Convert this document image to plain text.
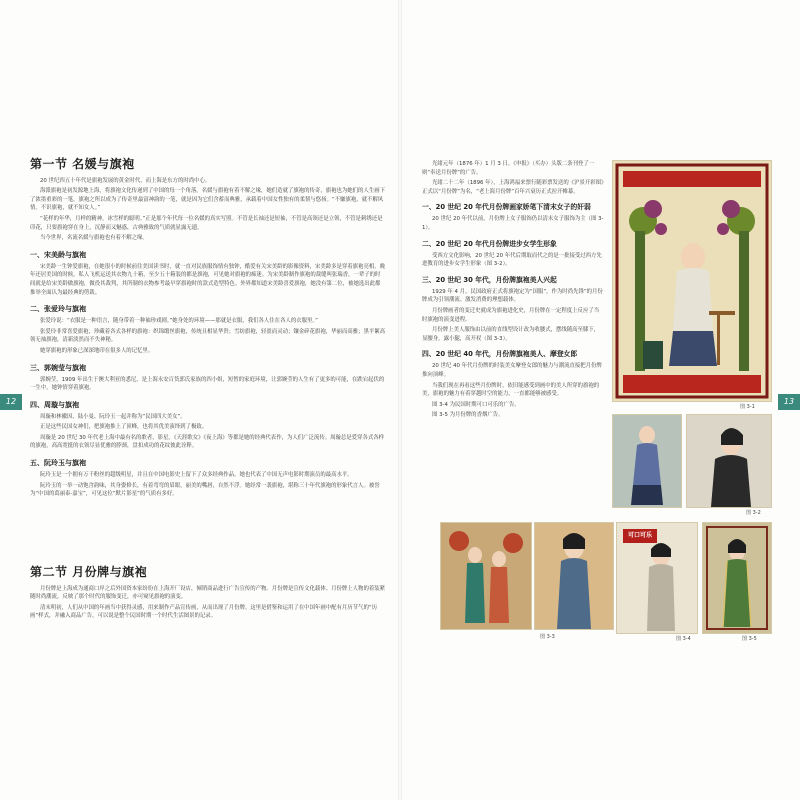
12	13
第一节 名媛与旗袍

20 世纪四五十年代是旗袍发展的黄金时代，而上海是东方的时尚中心。

海派旗袍是初发源地上海，将旗袍文化传递到了中国的每一个角落。名媛与旗袍有着不解之缘，她们造就了旗袍的传奇，旗袍也为她们的人生画下了浓墨重彩的一笔。旗袍之所以成为了传奇里最富神韵的一笔，就是因为它们含蓄而典雅，承载着中国女性独有的柔韧与悠扬。“不嫌旗袍，就不解风情。不识旗袍，就不知女人。”

“花样的年华，月样的精神，冰雪样的聪明。”正是那个年代每一位名媛的真实写照。不管是长袖还是短袖，不管是高领还是立领，不管是刺绣还是印花，只要旗袍穿在身上，沉静而又魅惑，古典雅致的气质就显露无遗。

当今世界，名流名媛与旗袍也有着不解之缘。

一、宋美龄与旗袍

宋美龄一生钟爱旗袍，在她很小的时候前往美国读书时，就一直对民族服饰情有独钟，酷爱有关宋美龄的影像资料，宋美龄多是穿着旗袍亮相。晚年还居美国的时候，私人飞机运送其衣物九十箱，至少五十箱装的都是旗袍，可见她对旗袍的痴迷。为宋美龄制作旗袍的裁缝叫张瑞香，一辈子的时间就是给宋美龄做旗袍，做役其裁判，其所制的衣物参考最早穿旗袍时的款式造型特色。外界都知道宋美龄喜爱旗袍，她没有第二位，被她选出此都推举全面认为最经典的剪裁。

二、张爱玲与旗袍

张爱玲说：“衣服是一种语言，随身带着一种袖珍戏剧。”她身处的环境——那就是衣服，我们各人住在各人的衣服里。”

张爱玲非常喜爱旗袍，珍藏着各式各样的旗袍：织锦缎丝旗袍，传统且相显华贵；雪纺旗袍，轻盈而灵动；镶金碎花旗袍，华丽而高雅；黑平絮高领无袖旗袍，清新淡然而不失神秘。

她穿旗袍的形象已深深地印在很多人的记忆里。

三、郭婉莹与旗袍

郭婉莹，1909 年出生于澳大利亚的悉尼，是上海永安百货郭氏家族的四小姐，短暂的家庭环境，让郭婉莹的人生有了更多的可能，在跌宕起伏的一生中，她钟情穿着旗袍。

四、周璇与旗袍

周璇和林徽因、陆小曼、阮玲玉一起并称为“民国四大美女”。

正是这些民国女神们，把旗袍推上了顶峰，也将其优美演绎到了极致。

周璇是 20 世纪 30 年代老上海中最有名的歌者，影星。《天涯歌女》《夜上海》等都是她的经典代表作，为人们广泛流传。周璇总是爱穿各式各样的旗袍，高高宽挺的衣领尽显优雅的脖颈，盘扣成功的花纹彼此诠释。

五、阮玲玉与旗袍

阮玲玉是一个拥有万千粉丝的超级明星，并且在中国电影史上留下了众多经典作品。她也代表了中国无声电影时期演员的最高水平。

阮玲玉的一举一动饱含韵味，其身姿修长，有着弯弯的眉眼，丽美的嘴唇，自然不浮。她经常一袭旗袍，堪称三十年代旗袍的形象代言人。被誉为“中国的葛丽泰·嘉宝”，可见这位“默片影星”的气质有多好。

第二节 月份牌与旗袍

月份牌是上海成为通商口岸之后外国资本家纷纷在上海开厂设店，倾销商品进行广告宣传的产物。月份牌是宣传文化载体。月份牌上人物的着装紧随时尚潮流，反映了那个时代的服饰变迁，亦可窥见旗袍的演变。

清末明初，人们从中国的年画当中获得灵感，用来制作产品宣传画，从而出现了月份牌。这里是借鉴和运用了在中国年画中配有月历节气的“历画”样式，并融入商品广告，可以说是整个民国时期一个时代生活图景的记录。

光绪元年（1876 年）1 月 3 日，《申报》（买办）头版二条刊登了一则“奉送月份牌”的广告。

光绪二十二年（1896 年），上海鸿福来票行随彩票发送的《沪景开彩图》正式以“月份牌”为名，“老上海月份牌”百年兴衰历正式拉开帷幕。

一、20 世纪 20 年代月份牌画家娇笔下清末女子的奸弱

20 世纪 20 年代以前，月份牌上女子服饰仍以清末女子服饰为主（图 3-1）。

二、20 世纪 20 年代月份牌进步女学生形象

受西方文化影响，20 世纪 20 年代后期取而代之的是一批接受过西方先进教育的进步女学生形象（图 3-2）。

三、20 世纪 30 年代，月份牌旗袍美人兴起

1929 年 4 月，民国政府正式将旗袍定为“国服”，作为时尚先锋”的月份牌成为引领潮流、激发消费的理想载体。

月份牌画者的变迁史就成为旗袍进化史，月份牌在一定程度上反应了当时旗袍的演变进程。

月份牌上美人服饰由以前的直线型设计改为收腰式，摆线随高至膝下，显腰身，露小腿，高开衩（图 3-3）。

四、20 世纪 40 年代，月份牌旗袍美人、摩登女郎

20 世纪 40 年代月份牌的时装美女摩登女郎的魅力与潮流直接把月份牌推向顶峰。

当我们现在再看这些月份牌时，依旧能感受到画中的美人所穿的旗袍的美，旗袍的魅力有着穿越时空的能力，一直都能够被感受。

图 3-4 为民国时期可口可乐的广告。

图 3-5 为月份牌的香烟广告。

图 3-1
图 3-2
图 3-3
可口可乐
图 3-4	图 3-5
